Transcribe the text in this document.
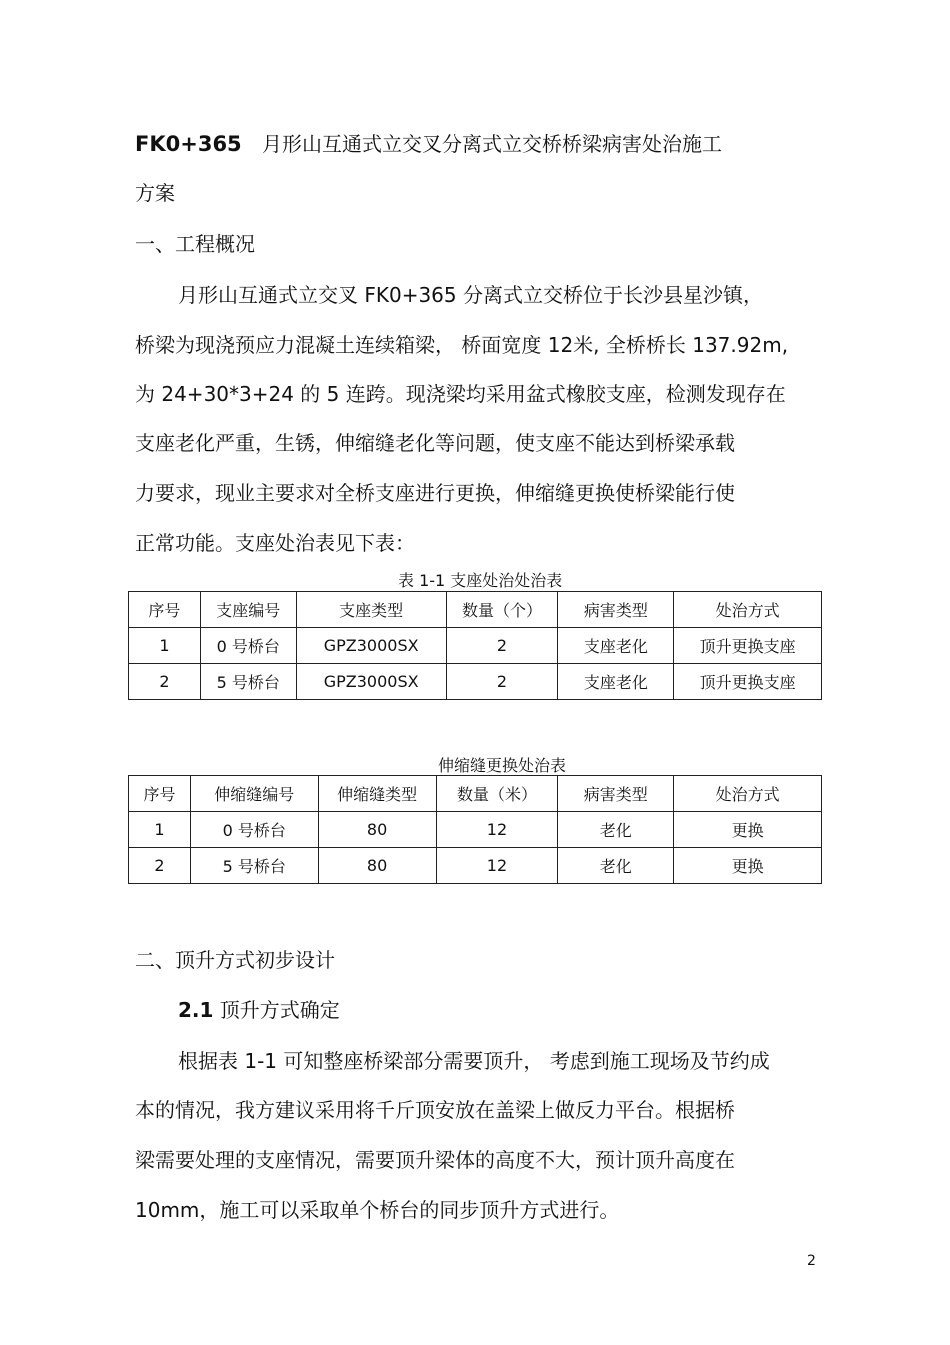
FK0+365 月形山互通式立交叉分离式立交桥桥梁病害处治施工
方案
一、工程概况
月形山互通式立交叉 FK0+365 分离式立交桥位于长沙县星沙镇，
桥梁为现浇预应力混凝土连续箱梁， 桥面宽度 12米, 全桥桥长 137.92m,
为 24+30*3+24 的 5 连跨。现浇梁均采用盆式橡胶支座，检测发现存在
支座老化严重，生锈，伸缩缝老化等问题，使支座不能达到桥梁承载
力要求，现业主要求对全桥支座进行更换，伸缩缝更换使桥梁能行使
正常功能。支座处治表见下表：
表 1-1 支座处治处治表
序号	支座编号	支座类型	数量（个）	病害类型	处治方式
1	0 号桥台	GPZ3000SX	2	支座老化	顶升更换支座
2	5 号桥台	GPZ3000SX	2	支座老化	顶升更换支座
伸缩缝更换处治表
序号	伸缩缝编号	伸缩缝类型	数量（米）	病害类型	处治方式
1	0 号桥台	80	12	老化	更换
2	5 号桥台	80	12	老化	更换
二、顶升方式初步设计
2.1 顶升方式确定
根据表 1-1 可知整座桥梁部分需要顶升， 考虑到施工现场及节约成
本的情况，我方建议采用将千斤顶安放在盖梁上做反力平台。根据桥
梁需要处理的支座情况，需要顶升梁体的高度不大，预计顶升高度在
10mm，施工可以采取单个桥台的同步顶升方式进行。
2
